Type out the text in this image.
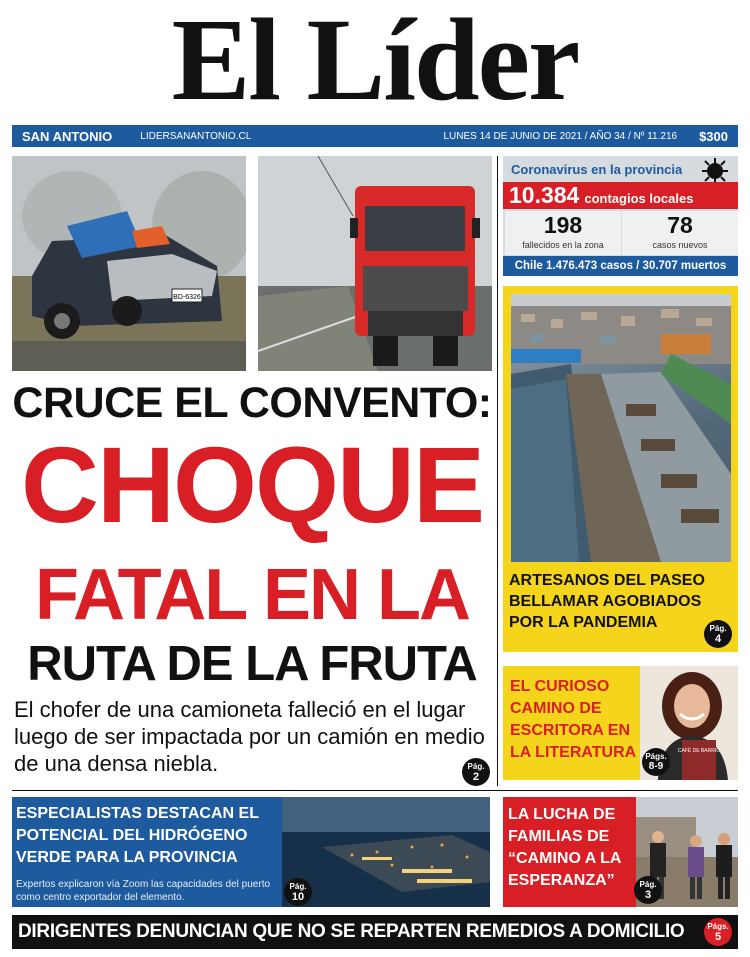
El Líder
SAN ANTONIO	LIDERSANANTONIO.CL	LUNES 14 DE JUNIO DE 2021 / AÑO 34 / Nº 11.216 $300
BD-6326
CRUCE EL CONVENTO:
CHOQUE
FATAL EN LA
RUTA DE LA FRUTA
El chofer de una camioneta falleció en el lugar luego de ser impactada por un camión en medio de una densa niebla.	Pág.
2
Coronavirus en la provincia
10.384 contagios locales
198
fallecidos en la zona
78
casos nuevos
Chile 1.476.473 casos / 30.707 muertos
ARTESANOS DEL PASEO BELLAMAR AGOBIADOS POR LA PANDEMIA	Pág.
4
EL CURIOSO CAMINO DE ESCRITORA EN LA LITERATURA	CAFÉ DE BARRIO
Págs.
8-9
ESPECIALISTAS DESTACAN EL POTENCIAL DEL HIDRÓGENO VERDE PARA LA PROVINCIA
Expertos explicaron vía Zoom las capacidades del puerto como centro exportador del elemento.
Pág.
10
LA LUCHA DE FAMILIAS DE “CAMINO A LA ESPERANZA”	Pág.
3
DIRIGENTES DENUNCIAN QUE NO SE REPARTEN REMEDIOS A DOMICILIO	Págs.
5
